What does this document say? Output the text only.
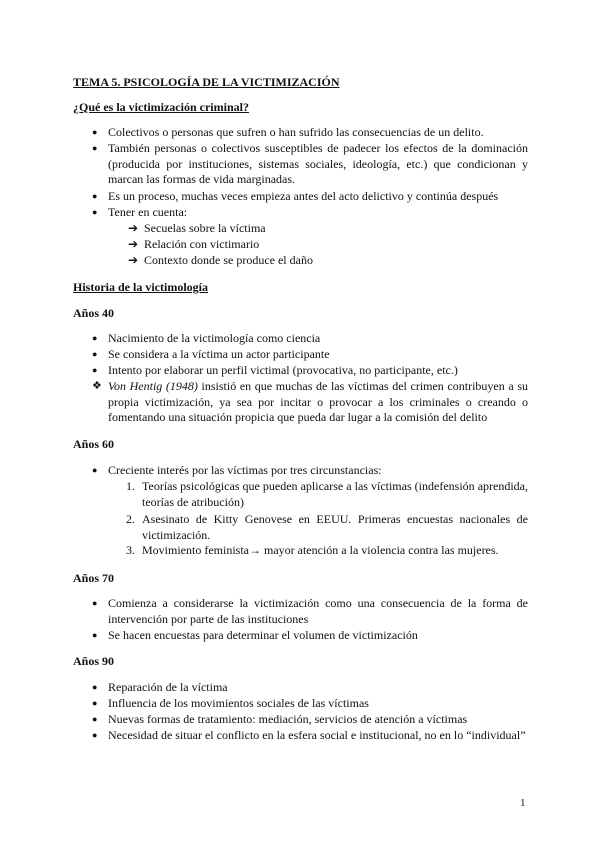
TEMA 5. PSICOLOGÍA DE LA VICTIMIZACIÓN
¿Qué es la victimización criminal?
● Colectivos o personas que sufren o han sufrido las consecuencias de un delito.
● También personas o colectivos susceptibles de padecer los efectos de la dominación (producida por instituciones, sistemas sociales, ideología, etc.) que condicionan y marcan las formas de vida marginadas.
● Es un proceso, muchas veces empieza antes del acto delictivo y continúa después
● Tener en cuenta:
➔ Secuelas sobre la víctima
➔ Relación con victimario
➔ Contexto donde se produce el daño
Historia de la victimología
Años 40
● Nacimiento de la victimología como ciencia
● Se considera a la víctima un actor participante
● Intento por elaborar un perfil victimal (provocativa, no participante, etc.)
❖ Von Hentig (1948) insistió en que muchas de las víctimas del crimen contribuyen a su propia victimización, ya sea por incitar o provocar a los criminales o creando o fomentando una situación propicia que pueda dar lugar a la comisión del delito
Años 60
● Creciente interés por las víctimas por tres circunstancias:
1. Teorías psicológicas que pueden aplicarse a las víctimas (indefensión aprendida, teorías de atribución)
2. Asesinato de Kitty Genovese en EEUU. Primeras encuestas nacionales de victimización.
3. Movimiento feminista→ mayor atención a la violencia contra las mujeres.
Años 70
● Comienza a considerarse la victimización como una consecuencia de la forma de intervención por parte de las instituciones
● Se hacen encuestas para determinar el volumen de victimización
Años 90
● Reparación de la víctima
● Influencia de los movimientos sociales de las víctimas
● Nuevas formas de tratamiento: mediación, servicios de atención a víctimas
● Necesidad de situar el conflicto en la esfera social e institucional, no en lo “individual”
1
